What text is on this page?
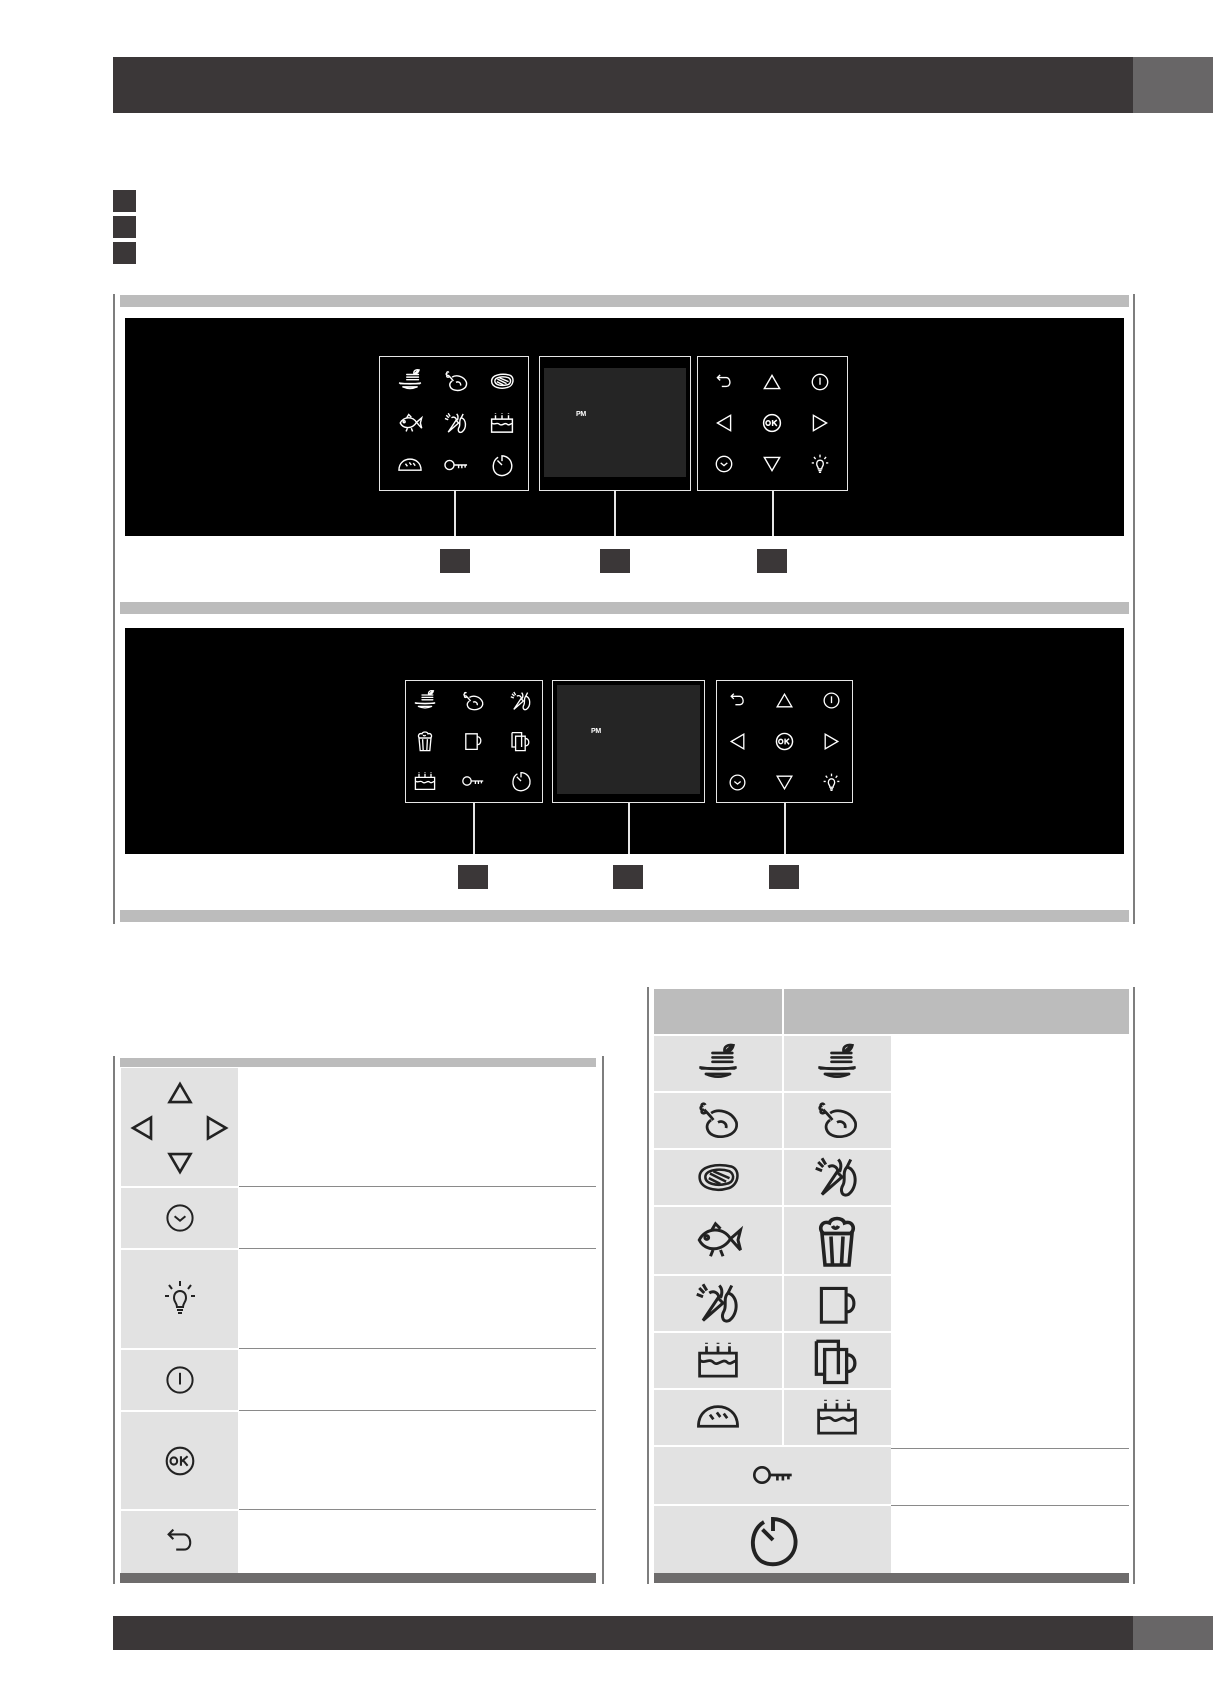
PM
PM
